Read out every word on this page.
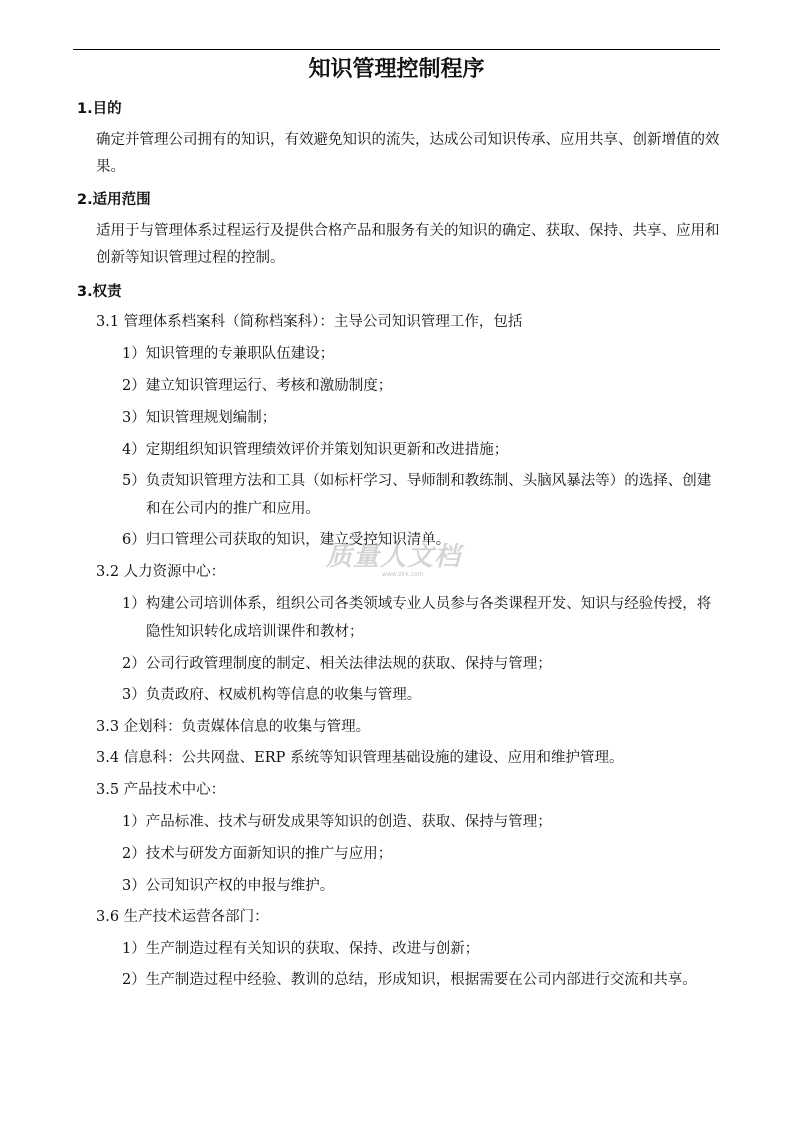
知识管理控制程序
1.目的
确定并管理公司拥有的知识，有效避免知识的流失，达成公司知识传承、应用共享、创新增值的效果。
2.适用范围
适用于与管理体系过程运行及提供合格产品和服务有关的知识的确定、获取、保持、共享、应用和创新等知识管理过程的控制。
3.权责
3.1 管理体系档案科（简称档案科）：主导公司知识管理工作，包括
1）知识管理的专兼职队伍建设；
2）建立知识管理运行、考核和激励制度；
3）知识管理规划编制；
4）定期组织知识管理绩效评价并策划知识更新和改进措施；
5）负责知识管理方法和工具（如标杆学习、导师制和教练制、头脑风暴法等）的选择、创建和在公司内的推广和应用。
6）归口管理公司获取的知识，建立受控知识清单。
3.2 人力资源中心：
1）构建公司培训体系，组织公司各类领域专业人员参与各类课程开发、知识与经验传授，将隐性知识转化成培训课件和教材；
2）公司行政管理制度的制定、相关法律法规的获取、保持与管理；
3）负责政府、权威机构等信息的收集与管理。
3.3 企划科：负责媒体信息的收集与管理。
3.4 信息科：公共网盘、ERP 系统等知识管理基础设施的建设、应用和维护管理。
3.5 产品技术中心：
1）产品标准、技术与研发成果等知识的创造、获取、保持与管理；
2）技术与研发方面新知识的推广与应用；
3）公司知识产权的申报与维护。
3.6 生产技术运营各部门：
1）生产制造过程有关知识的获取、保持、改进与创新；
2）生产制造过程中经验、教训的总结，形成知识，根据需要在公司内部进行交流和共享。
质量人文档
www.zlrk.com
